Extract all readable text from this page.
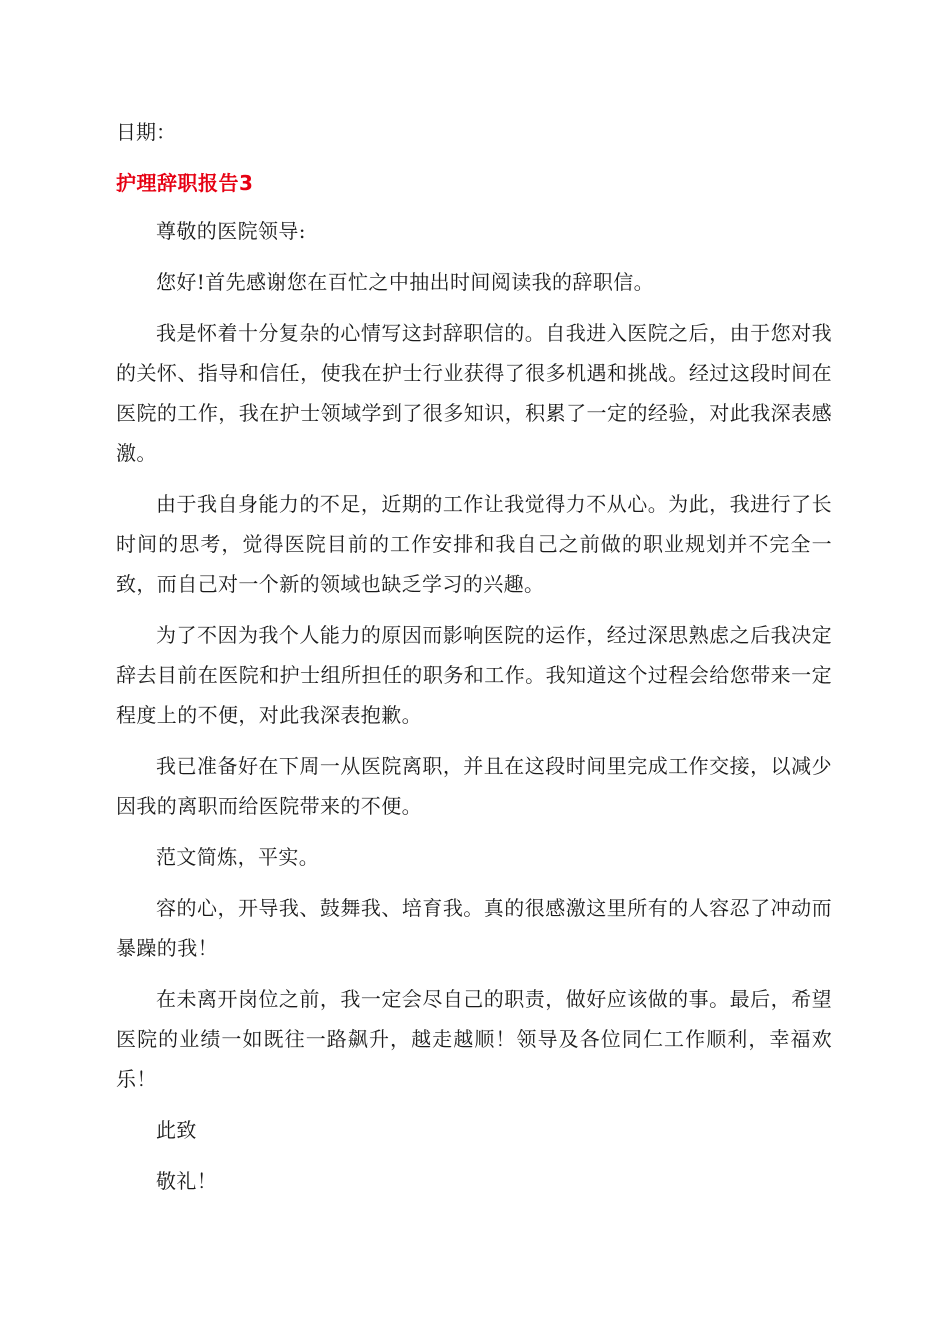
日期：

护理辞职报告3

尊敬的医院领导:

您好!首先感谢您在百忙之中抽出时间阅读我的辞职信。

我是怀着十分复杂的心情写这封辞职信的。自我进入医院之后，由于您对我的关怀、指导和信任，使我在护士行业获得了很多机遇和挑战。经过这段时间在医院的工作，我在护士领域学到了很多知识，积累了一定的经验，对此我深表感激。

由于我自身能力的不足，近期的工作让我觉得力不从心。为此，我进行了长时间的思考，觉得医院目前的工作安排和我自己之前做的职业规划并不完全一致，而自己对一个新的领域也缺乏学习的兴趣。

为了不因为我个人能力的原因而影响医院的运作，经过深思熟虑之后我决定辞去目前在医院和护士组所担任的职务和工作。我知道这个过程会给您带来一定程度上的不便，对此我深表抱歉。

我已准备好在下周一从医院离职，并且在这段时间里完成工作交接，以减少因我的离职而给医院带来的不便。

范文简炼，平实。

容的心，开导我、鼓舞我、培育我。真的很感激这里所有的人容忍了冲动而暴躁的我！

在未离开岗位之前，我一定会尽自己的职责，做好应该做的事。最后，希望医院的业绩一如既往一路飙升，越走越顺！领导及各位同仁工作顺利，幸福欢乐！

此致

敬礼！
